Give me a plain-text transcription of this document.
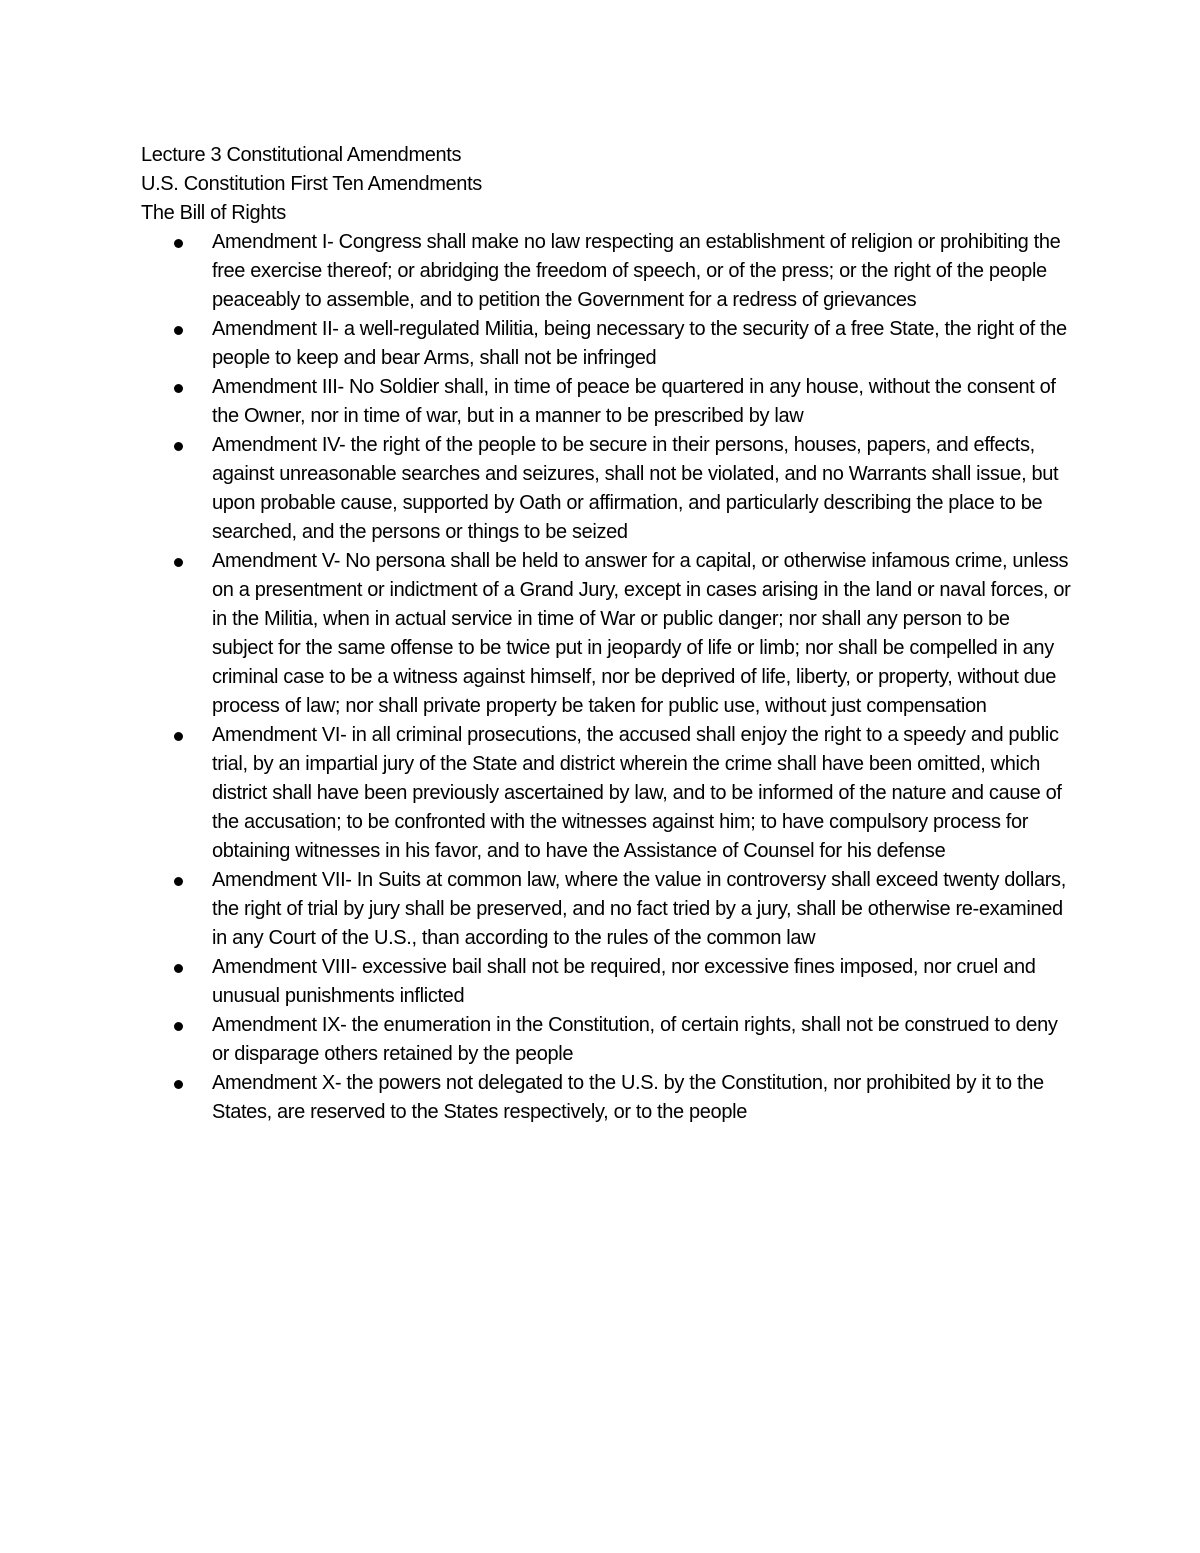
Lecture 3 Constitutional Amendments

U.S. Constitution First Ten Amendments

The Bill of Rights

Amendment I- Congress shall make no law respecting an establishment of religion or prohibiting the free exercise thereof; or abridging the freedom of speech, or of the press; or the right of the people peaceably to assemble, and to petition the Government for a redress of grievances
Amendment II- a well-regulated Militia, being necessary to the security of a free State, the right of the people to keep and bear Arms, shall not be infringed
Amendment III- No Soldier shall, in time of peace be quartered in any house, without the consent of the Owner, nor in time of war, but in a manner to be prescribed by law
Amendment IV- the right of the people to be secure in their persons, houses, papers, and effects, against unreasonable searches and seizures, shall not be violated, and no Warrants shall issue, but upon probable cause, supported by Oath or affirmation, and particularly describing the place to be searched, and the persons or things to be seized
Amendment V- No persona shall be held to answer for a capital, or otherwise infamous crime, unless on a presentment or indictment of a Grand Jury, except in cases arising in the land or naval forces, or in the Militia, when in actual service in time of War or public danger; nor shall any person to be subject for the same offense to be twice put in jeopardy of life or limb; nor shall be compelled in any criminal case to be a witness against himself, nor be deprived of life, liberty, or property, without due process of law; nor shall private property be taken for public use, without just compensation
Amendment VI- in all criminal prosecutions, the accused shall enjoy the right to a speedy and public trial, by an impartial jury of the State and district wherein the crime shall have been omitted, which district shall have been previously ascertained by law, and to be informed of the nature and cause of the accusation; to be confronted with the witnesses against him; to have compulsory process for obtaining witnesses in his favor, and to have the Assistance of Counsel for his defense
Amendment VII- In Suits at common law, where the value in controversy shall exceed twenty dollars, the right of trial by jury shall be preserved, and no fact tried by a jury, shall be otherwise re-examined in any Court of the U.S., than according to the rules of the common law
Amendment VIII- excessive bail shall not be required, nor excessive fines imposed, nor cruel and unusual punishments inflicted
Amendment IX- the enumeration in the Constitution, of certain rights, shall not be construed to deny or disparage others retained by the people
Amendment X- the powers not delegated to the U.S. by the Constitution, nor prohibited by it to the States, are reserved to the States respectively, or to the people
